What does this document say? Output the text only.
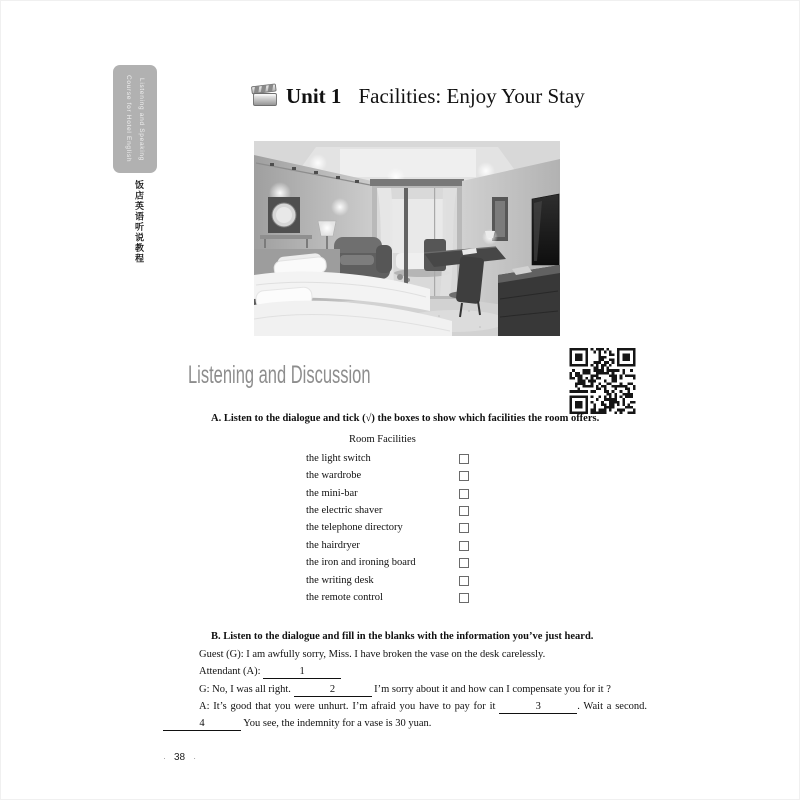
Listening and Speaking
Course for Hotel English
饭店英语听说教程
Unit 1 Facilities: Enjoy Your Stay
Listening and Discussion

A. Listen to the dialogue and tick (√) the boxes to show which facilities the room offers.

Room Facilities
the light switch
the wardrobe
the mini-bar
the electric shaver
the telephone directory
the hairdryer
the iron and ironing board
the writing desk
the remote control

B. Listen to the dialogue and fill in the blanks with the information you’ve just heard.

Guest (G): I am awfully sorry, Miss. I have broken the vase on the desk carelessly.

Attendant (A):	1

G: No, I was all right.	2	I’m sorry about it and how can I compensate you for it ?

A: It’s good that you were unhurt. I’m afraid you have to pay for it	3	. Wait a second. 4	You see, the indemnity for a vase is 30 yuan.

· 38 ·
